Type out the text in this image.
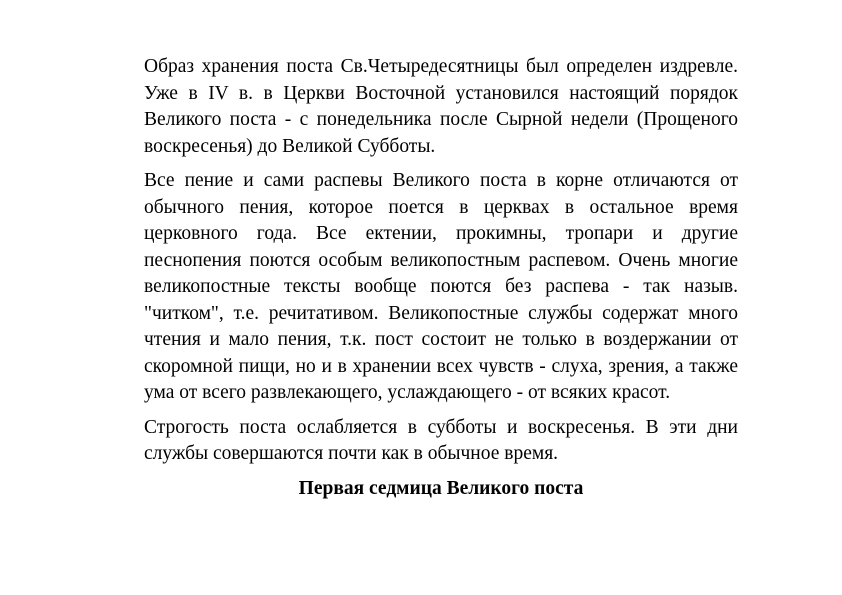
Образ хранения поста Св.Четыредесятницы был определен издревле. Уже в IV в. в Церкви Восточной установился настоящий порядок Великого поста - с понедельника после Сырной недели (Прощеного воскресенья) до Великой Субботы.

Все пение и сами распевы Великого поста в корне отличаются от обычного пения, которое поется в церквах в остальное время церковного года. Все ектении, прокимны, тропари и другие песнопения поются особым великопостным распевом. Очень многие великопостные тексты вообще поются без распева - так назыв. "читком", т.е. речитативом. Великопостные службы содержат много чтения и мало пения, т.к. пост состоит не только в воздержании от скоромной пищи, но и в хранении всех чувств - слуха, зрения, а также ума от всего развлекающего, услаждающего - от всяких красот.

Строгость поста ослабляется в субботы и воскресенья. В эти дни службы совершаются почти как в обычное время.

Первая седмица Великого поста
